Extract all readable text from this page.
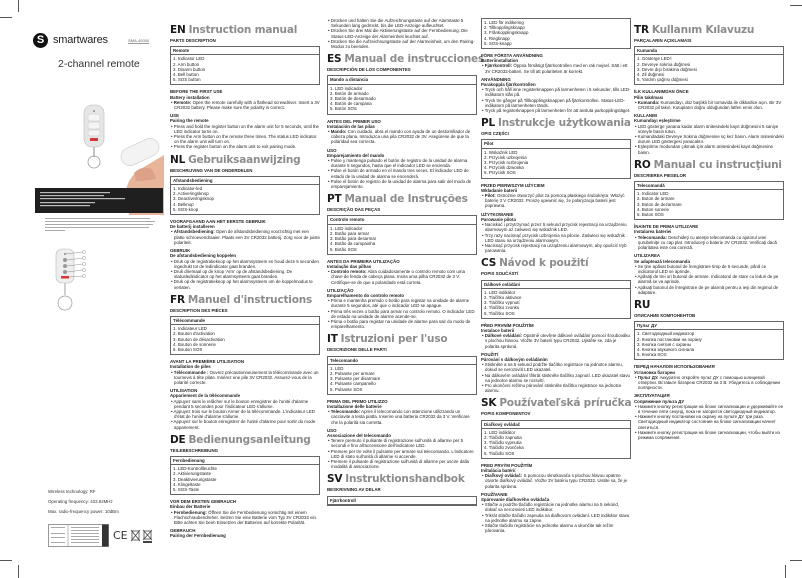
S smartwares	SMA-40050
2-channel remote
Wireless technology: RF
Operating frequency: 433.92MHz
Max. radio-frequency power: 10dBm
CE
EN Instruction manual
PARTS DESCRIPTION
Remote
1. Indicator LED
2. Arm button
3. Disarm button
4. Bell button
5. SOS button
BEFORE THE FIRST USE
Battery installation
• Remote: Open the remote carefully with a flathead screwdriver. Insert a 3V CR2032 battery. Please make sure the polarity is correct.
USE
Pairing the remote
• Press and hold the register button on the alarm unit for 5 seconds, until the LED indicator turns on.
• Press the Arm button on the remote three times. The status LED indicator on the alarm unit will turn on.
• Press the register button on the alarm unit to exit pairing mode.
NL Gebruiksaanwijzing
BESCHRIJVING VAN DE ONDERDELEN
Afstandsbediening
1. Indicator-led
2. Activeringsknop
3. Deactiveringsknop
4. Belknop
5. SOS-knop
VOORAFGAAND AAN HET EERSTE GEBRUIK
De batterij installeren
• Afstandsbediening: Open de afstandsbediening voorzichtig met een platte schroevendraaier. Plaats een 3V CR2032 batterij. Zorg voor de juiste polariteit.
GEBRUIK
De afstandsbediening koppelen
• Druk op de registratieknop op het alarmsysteem en houd deze 5 seconden ingedrukt tot de ledindicator gaat branden.
• Druk driemaal op de knop 'Arm' op de afstandsbediening. De statusledindicator op het alarmsysteem gaat branden.
• Druk op de registratieknop op het alarmsysteem om de koppelmodus te verlaten.
FR Manuel d'instructions
DESCRIPTION DES PIÈCES
Télécommande
1. Indicateur LED
2. Bouton d'activation
3. Bouton de désactivation
4. Bouton de sonnerie
5. Bouton SOS
AVANT LA PREMIÈRE UTILISATION
Installation de piles
• Télécommande : Ouvrez précautionneusement la télécommande avec un tournevis à tête plate. Insérez une pile 3V CR2032. Assurez-vous de la polarité correcte.
UTILISATION
Appariement de la télécommande
• Appuyez sans le relâcher sur le bouton enregistrer de l'unité d'alarme pendant 5 secondes pour l'indicateur LED s'allume.
• Appuyez trois sur le bouton Armer de la télécommande. L'indicateur LED d'état de l'unité d'alarme s'allume.
• Appuyez sur le bouton enregistrer de l'unité d'alarme pour sortir du mode appariement.
DE Bedienungsanleitung
TEILEBESCHREIBUNG
Fernbedienung
1. LED-Kontrollleuchte
2. Aktivierungstaste
3. Deaktivierungstaste
4. Klingeltaste
5. SOS-Taste
VOR DEM ERSTEN GEBRAUCH
Einbau der Batterie
• Fernbedienung: Öffnen Sie die Fernbedienung vorsichtig mit einem Flachschraubendreher. Setzen Sie eine Batterie vom Typ 3V CR2032 ein. Bitte achten Sie beim Einsetzen der Batterien auf korrekte Polarität.
GEBRAUCH
Pairing der Fernbedienung
• Drücken und halten Sie die Aufzeichnungstaste auf der Alarmtaste 5 Sekunden lang gedrückt, bis die LED-Anzeige aufleuchtet.
• Drücken Sie drei Mal die Aktivierungstaste auf der Fernbedienung. Die Status-LED-Anzeige der Alarmeinheit leuchtet auf.
• Drücken Sie die Aufzeichnungstaste auf der Alarmeinheit, um den Pairing-Modus zu beenden.
ES Manual de instrucciones
DESCRIPCIÓN DE LOS COMPONENTES
Mando a distancia
1. LED indicador
2. Botón de armado
3. Botón de desarmado
4. Botón de campana
5. Botón SOS
ANTES DEL PRIMER USO
Instalación de las pilas
• Mando: Con cuidado, abra el mando con ayuda de un destornillador de cabeza plana. Introduzca una pila CR2032 de 3V. Asegúrese de que la polaridad sea correcta.
USO
Emparejamiento del mando
• Pulse y mantenga pulsado el botón de registro de la unidad de alarma durante 5 segundos, hasta que el indicador LED se encienda.
• Pulse el botón de armado en el mando tres veces. El indicador LED de estado de la unidad de alarma se encenderá.
• Pulse el botón de registro de la unidad de alarma para salir del modo de emparejamiento.
PT Manual de Instruções
DESCRIÇÃO DAS PEÇAS
Controlo remoto
1. LED indicador
2. Botão para armar
3. Botão para desarmar
4. Botão da campainha
5. Botão SOS
ANTES DA PRIMEIRA UTILIZAÇÃO
Instalação das pilhas
• Controlo remoto: Abra cuidadosamente o controlo remoto com uma chave de fenda de cabeça plana. Insira uma pilha CR2032 de 3 V. Certifique-se de que a polaridade está correta.
UTILIZAÇÃO
Emparelhamento do controlo remoto
• Prima e mantenha premido o botão para registar na unidade de alarme durante 5 segundos, até que o indicador LED se apague.
• Prima três vezes o botão para armar no controlo remoto. O indicador LED de estado na unidade de alarme acende-se.
• Prima o botão para registar na unidade de alarme para sair do modo de emparelhamento.
IT Istruzioni per l'uso
DESCRIZIONE DELLE PARTI
Telecomando
1. LED
2. Pulsante per armare
3. Pulsante per disarmare
4. Pulsante campanello
5. Pulsante SOS
PRIMA DEL PRIMO UTILIZZO
Installazione delle batterie
• Telecomando: Aprire il telecomando con attenzione utilizzando un cacciavite a testa piatta. Inserire una batteria CR2032 da 3 V. Verificare che la polarità sia corretta.
USO
Associazione del telecomando
• Tenere premuto il pulsante di registrazione sull'unità di allarme per 5 secondi e fino all'accensione dell'indicatore LED.
• Premere per tre volte il pulsante per armare sul telecomando. L'indicatore LED di stato sull'unità di allarme si accende.
• Premere il pulsante di registrazione sull'unità di allarme per uscire dalla modalità di associazione.
SV Instruktionshandbok
BESKRIVNING AV DELAR
Fjärrkontroll
1. LED för indikering
2. Tillkopplingsknapp
3. Frånkopplingsknapp
4. Ringknapp
5. SOS-knapp
FÖRE FÖRSTA ANVÄNDNING
Batteriinstallation
• Fjärrkontroll: Öppna försiktigt fjärrkontrollen med en rak mejsel. Sätt i ett 3V CR2032-batteri. Se till att polariteten är korrekt.
ANVÄNDNING
Parakoppla fjärrkontrollen
• Tryck och håll inne registerknappen på larmenheten i 5 sekunder, tills LED-indikatorn slås på.
• Tryck tre gånger på Tillkopplingsknappen på fjärrkontrollen. Status-LED-indikatorn på larmenheten tänds.
• Tryck på registerknappen på larmenheten för att avsluta parkopplingsläget.
PL Instrukcje użytkowania
OPIS CZĘŚCI
Pilot
1. Wskaźnik LED
2. Przycisk uzbrojenia
3. Przycisk rozbrojenia
4. Przycisk dzwonka
5. Przycisk SOS
PRZED PIERWSZYM UŻYCIEM
Wkładanie baterii
• Pilot: Ostrożnie otworzyć pilot za pomocą płaskiego śrubokręta. Włożyć baterię 3 V CR2032. Proszę upewnić się, że polaryzacja baterii jest poprawna.
UŻYTKOWANIE
Parowanie pilota
• Naciskać i przytrzymać przez 5 sekund przycisk rejestracji na urządzeniu alarmowym aż zaświeci się wskaźnik LED.
• Trzy razy nacisnąć przycisk uzbrojenia na pilocie. Zaświeci się wskaźnik LED stanu na urządzeniu alarmowym.
• Nacisnąć przycisk rejestracji na urządzeniu alarmowym, aby opuścić tryb parowania.
CS Návod k použití
POPIS SOUČÁSTÍ
Dálkové ovládání
1. LED indikátor
2. Tlačítko aktivace
3. Tlačítko vypnutí
4. Tlačítko zvonku
5. Tlačítko SOS
PŘED PRVNÍM POUŽITÍM
Instalace baterií
• Dálkové ovládání: Opatrně otevřete dálkové ovládání pomocí šroubováku s plochou hlavou. Vložte 3V baterii typu CR2032. Ujistěte se, zda je polarita správná.
POUŽITÍ
Párování s dálkovým ovládáním
• Stiskněte a na 5 sekund podržte tlačítko registrace na jednotce alarmu, dokud se nerozsvítí LED ukazatel.
• Na dálkovém ovládání třikrát stiskněte tlačítko zapnutí. LED ukazatel stavu na jednotce alarmu se rozsvítí.
• Pro ukončení režimu párování stiskněte tlačítko registrace na jednotce alarmu.
SK Používateľská príručka
POPIS KOMPONENTOV
Diaľkový ovládač
1. LED indikátor
2. Tlačidlo zapnutia
3. Tlačidlo vypnutia
4. Tlačidlo zvončeka
5. Tlačidlo SOS
PRED PRVÝM POUŽITÍM
Inštalácia batérií
• Diaľkový ovládač: S pomocou skrutkovača s plochou hlavou opatrne otvorte diaľkový ovládač. Vložte 3V batériu typu CR2032. Uistite sa, že je polarita správna.
POUŽÍVANIE
Spárovanie diaľkového ovládača
• Stlačte a podržte tlačidlo registrácie na jednotke alarmu na 5 sekúnd, dokiaľ sa nerozsvieti LED indikátor.
• Trikrát stlačte tlačidlo zapnutia na diaľkovom ovládaní. LED indikátor stavu na jednotke alarmu sa zapne.
• Stlačte tlačidlo registrácie na jednotke alarmu a ukončite tak režim párovania.
TR Kullanım Kılavuzu
PARÇALARIN AÇIKLAMASI
Kumanda
1. Gösterge LED'i
2. Devreye sokma düğmesi
3. Devre dışı bırakma düğmesi
4. Zil düğmesi
5. Yardım çağrısı düğmesi
İLK KULLANIMDAN ÖNCE
Pilin takılması
• Kumanda: Kumandayı, düz başlıklı bir tornavida ile dikkatlice açın. Bir 3V CR2032 pil takın. Kutupların doğru olduğundan lütfen emin olun.
KULLANIM
Kumandayı eşleştirme
• LED gösterge yanana kadar alarm ünitesindeki kayıt düğmesini 5 saniye süreyle basılı tutun.
• Kumandadaki Devreye Sokma düğmesine üç kez basın. Alarm ünitesindeki durum LED göstergesi yanacaktır.
• Eşleştirme modundan çıkmak için alarm ünitesindeki kayıt düğmesine basın.
RO Manual cu instrucţiuni
DESCRIEREA PIESELOR
Telecomandă
1. Indicator LED
2. Buton de armare
3. Buton de dezarmare
4. Buton sonerie
5. Buton SOS
ÎNAINTE DE PRIMA UTILIZARE
Instalarea bateriei
• Telecomanda: Deschideţi cu atenţie telecomanda cu ajutorul unei şurubelniţe cu cap plat. Introduceţi o baterie 3V CR2032. Verificaţi dacă polaritatea este cea corectă.
UTILIZAREA
Se adaptează telecomanda
• Se ţine apăsat butonul de înregistrare timp de 5 secunde, până ce indicatorul LED se aprinde.
• Apăsaţi de trei ori butonul de armare. Indicatorul de stare cu leduri de pe alarmă se va aprinde.
• Apăsaţi butonul de înregistrare de pe alarmă pentru a ieşi din regimul de adaptare.
RU
ОПИСАНИЕ КОМПОНЕНТОВ
Пульт ДУ
1. Светодиодный индикатор
2. Кнопка постановки на охрану
3. Кнопка снятия с охраны
4. Кнопка звукового сигнала
5. Кнопка SOS
ПЕРЕД НАЧАЛОМ ИСПОЛЬЗОВАНИЯ
Установка батареи
• Пульт ДУ. Аккуратно откройте пульт ДУ с помощью шлицевой отвертки. Вставьте батарею CR2032 на 3 В. Убедитесь в соблюдении полярности.
ЭКСПЛУАТАЦИЯ
Сопряжение пульта ДУ
• Нажмите кнопку регистрации на блоке сигнализации и удерживайте ее в течение пяти секунд, пока не загорится светодиодный индикатор.
• Нажмите кнопку постановки на охрану на пульте ДУ три раза. Светодиодный индикатор состояния на блоке сигнализации начнет светиться.
• Нажмите кнопку регистрации на блоке сигнализации, чтобы выйти из режима сопряжения.
